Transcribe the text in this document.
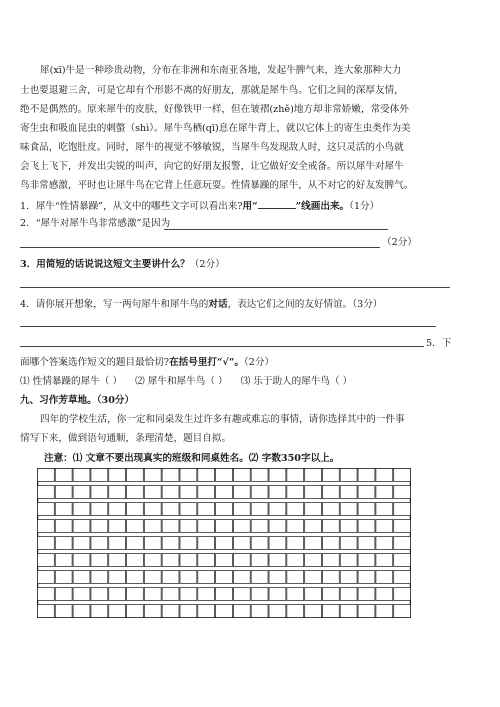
犀(xī)牛是一种珍贵动物，分布在非洲和东南亚各地，发起牛脾气来，连大象那种大力
士也要退避三舍，可是它却有个形影不离的好朋友，那就是犀牛鸟。它们之间的深厚友情，
绝不是偶然的。原来犀牛的皮肤，好像铁甲一样，但在皱褶(zhě)地方却非常娇嫩，常受体外
寄生虫和吸血昆虫的刺螫（shì）。犀牛鸟栖(qī)息在犀牛背上，就以它体上的寄生虫类作为美
味食品，吃饱肚皮。同时，犀牛的视觉不够敏锐，当犀牛鸟发现敌人时，这只灵活的小鸟就
会飞上飞下，并发出尖锐的叫声，向它的好朋友报警，让它做好安全戒备。所以犀牛对犀牛
鸟非常感激，平时也让犀牛鸟在它背上任意玩耍。性情暴躁的犀牛，从不对它的好友发脾气。
1．犀牛“性情暴躁”，从文中的哪些文字可以看出来?用“	”线画出来。（1分）
2．“犀牛对犀牛鸟非常感激”是因为
（2分）
3．用简短的话说说这短文主要讲什么？（2分）
4．请你展开想象，写一两句犀牛和犀牛鸟的对话，表达它们之间的友好情谊。（3分）
5．下
面哪个答案选作短文的题目最恰切?在括号里打“√”。（2分）
⑴ 性情暴躁的犀牛（ ） ⑵ 犀牛和犀牛鸟（ ） ⑶ 乐于助人的犀牛鸟（ ）
九、习作芳草地。（30分）
四年的学校生活，你一定和同桌发生过许多有趣或难忘的事情，请你选择其中的一件事
情写下来，做到语句通顺，条理清楚，题目自拟。
注意：⑴ 文章不要出现真实的班级和同桌姓名。⑵ 字数350字以上。
